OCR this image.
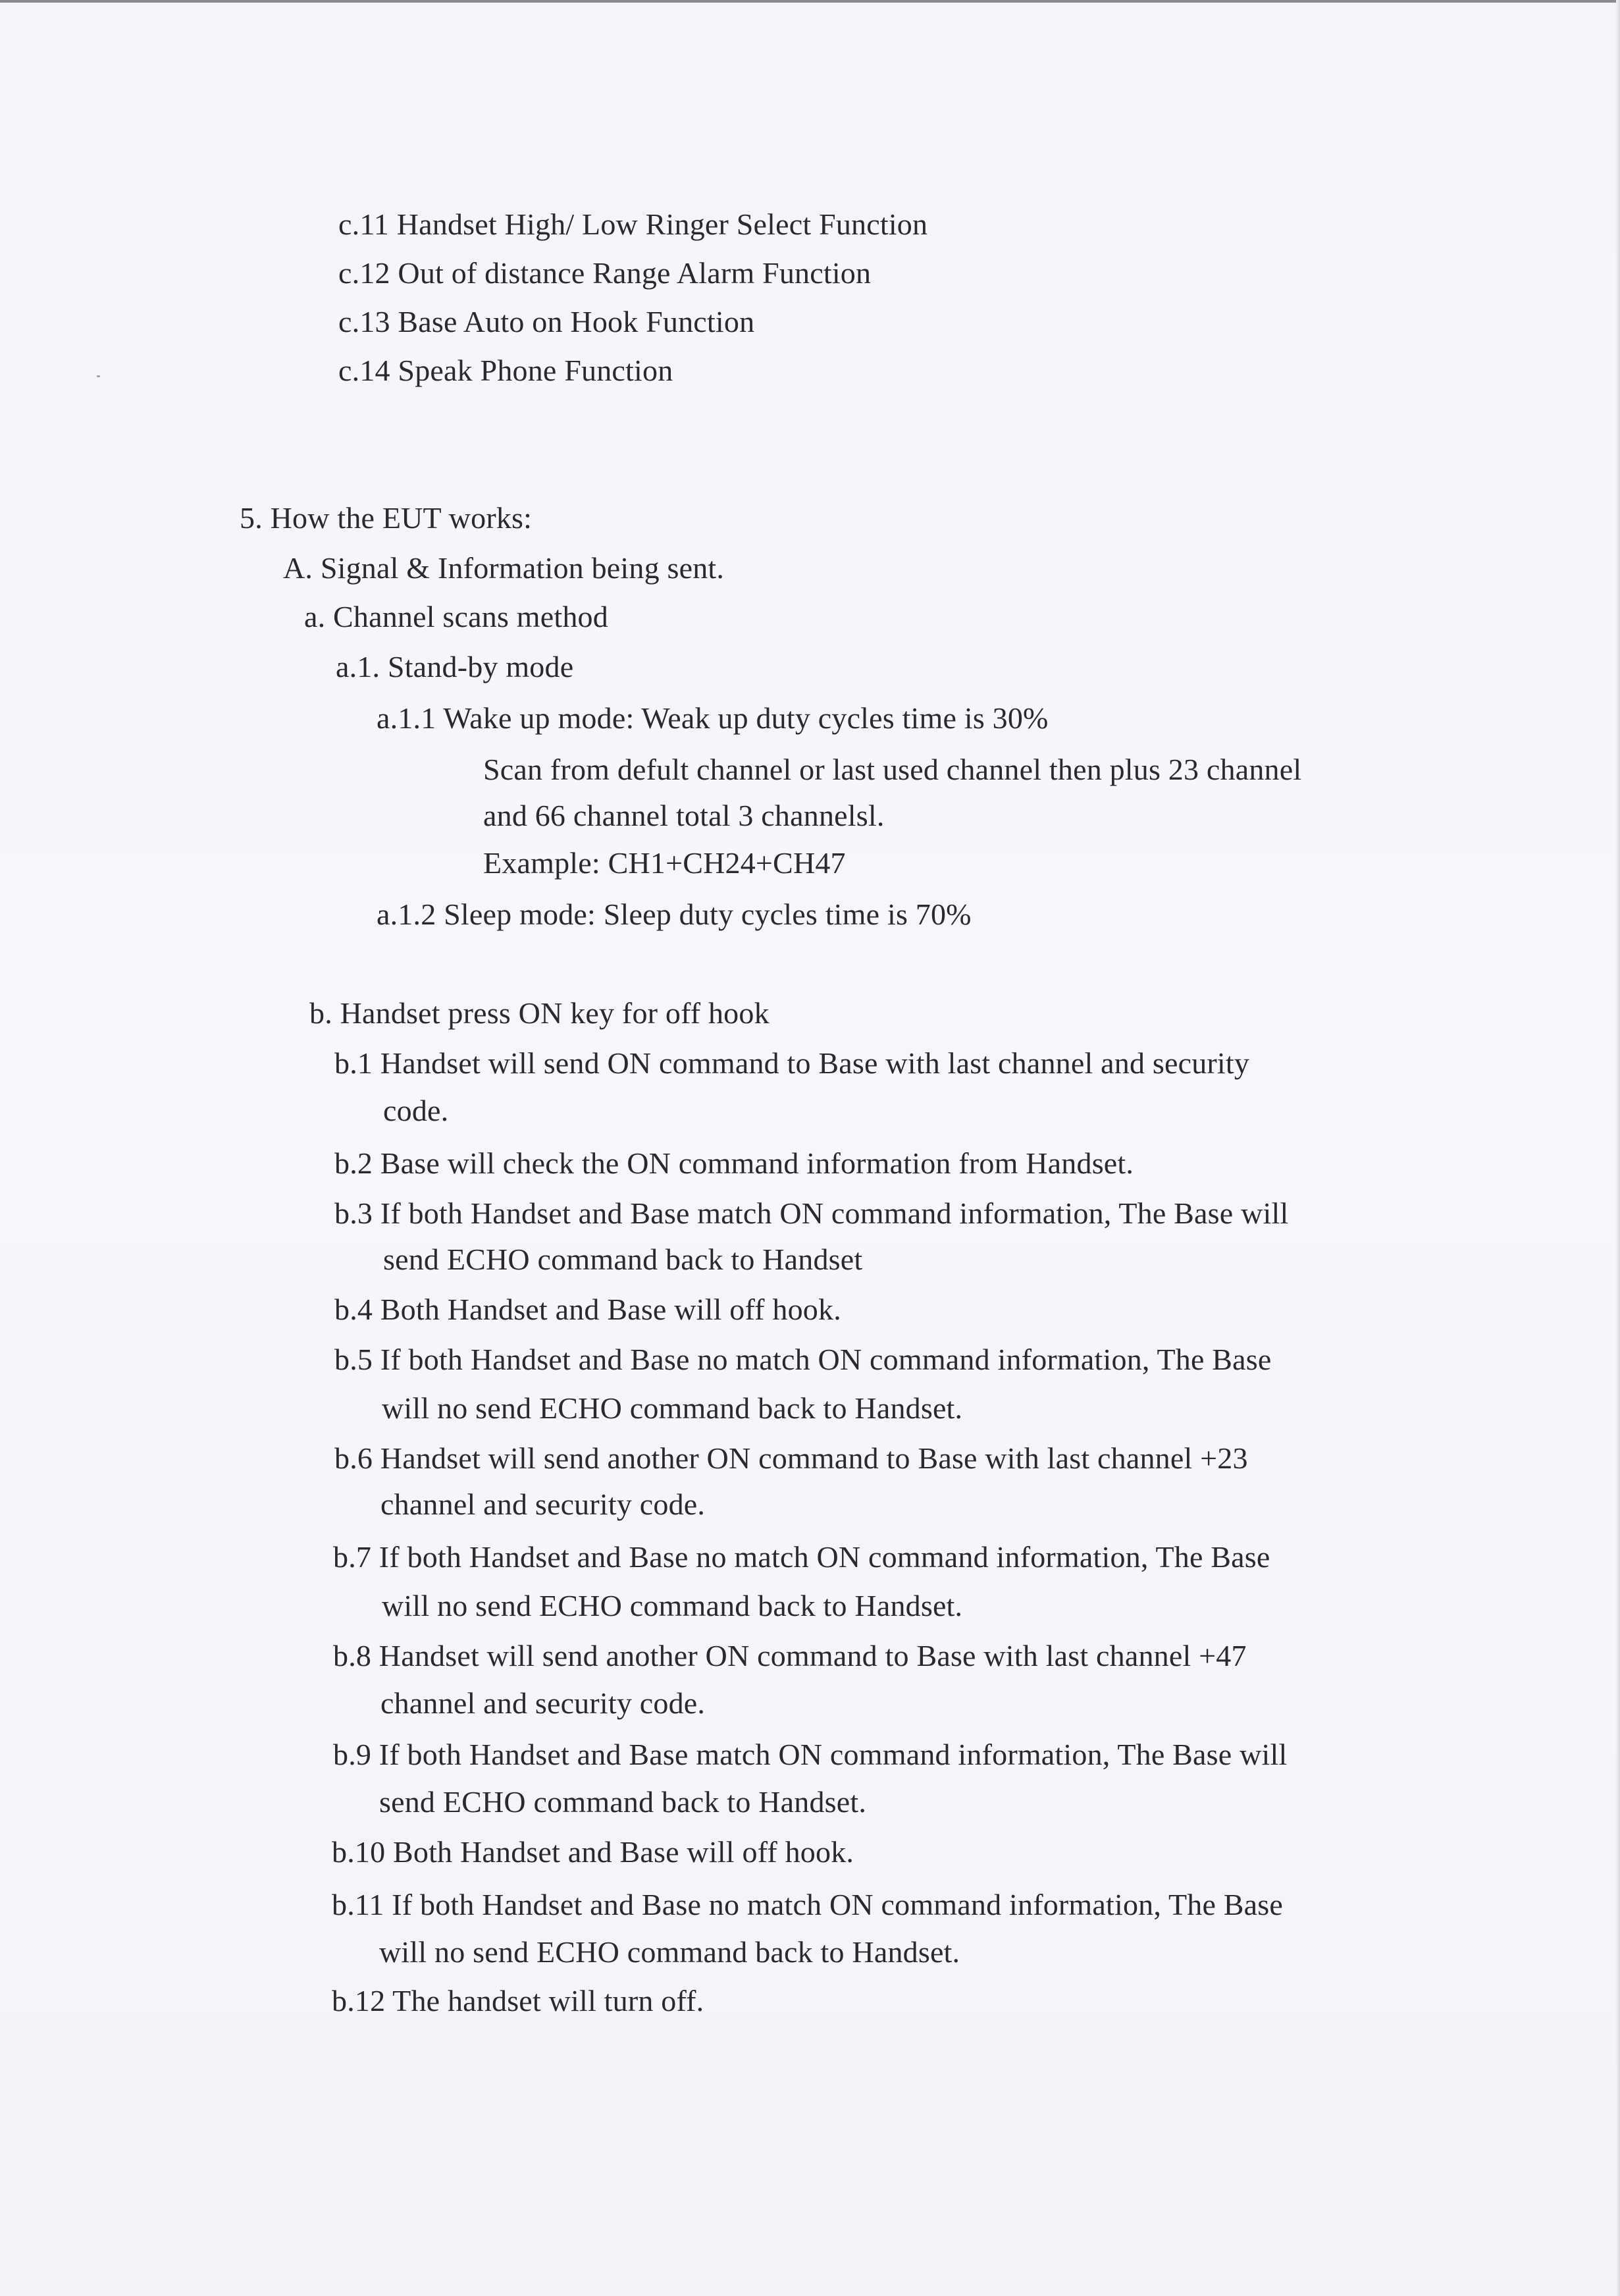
c.11 Handset High/ Low Ringer Select Function
c.12 Out of distance Range Alarm Function
c.13 Base Auto on Hook Function
c.14 Speak Phone Function
5. How the EUT works:
A. Signal & Information being sent.
a. Channel scans method
a.1. Stand-by mode
a.1.1 Wake up mode: Weak up duty cycles time is 30%
Scan from defult channel or last used channel then plus 23 channel
and 66 channel total 3 channelsl.
Example: CH1+CH24+CH47
a.1.2 Sleep mode: Sleep duty cycles time is 70%
b. Handset press ON key for off hook
b.1 Handset will send ON command to Base with last channel and security
code.
b.2 Base will check the ON command information from Handset.
b.3 If both Handset and Base match ON command information, The Base will
send ECHO command back to Handset
b.4 Both Handset and Base will off hook.
b.5 If both Handset and Base no match ON command information, The Base
will no send ECHO command back to Handset.
b.6 Handset will send another ON command to Base with last channel +23
channel and security code.
b.7 If both Handset and Base no match ON command information, The Base
will no send ECHO command back to Handset.
b.8 Handset will send another ON command to Base with last channel +47
channel and security code.
b.9 If both Handset and Base match ON command information, The Base will
send ECHO command back to Handset.
b.10 Both Handset and Base will off hook.
b.11 If both Handset and Base no match ON command information, The Base
will no send ECHO command back to Handset.
b.12 The handset will turn off.
